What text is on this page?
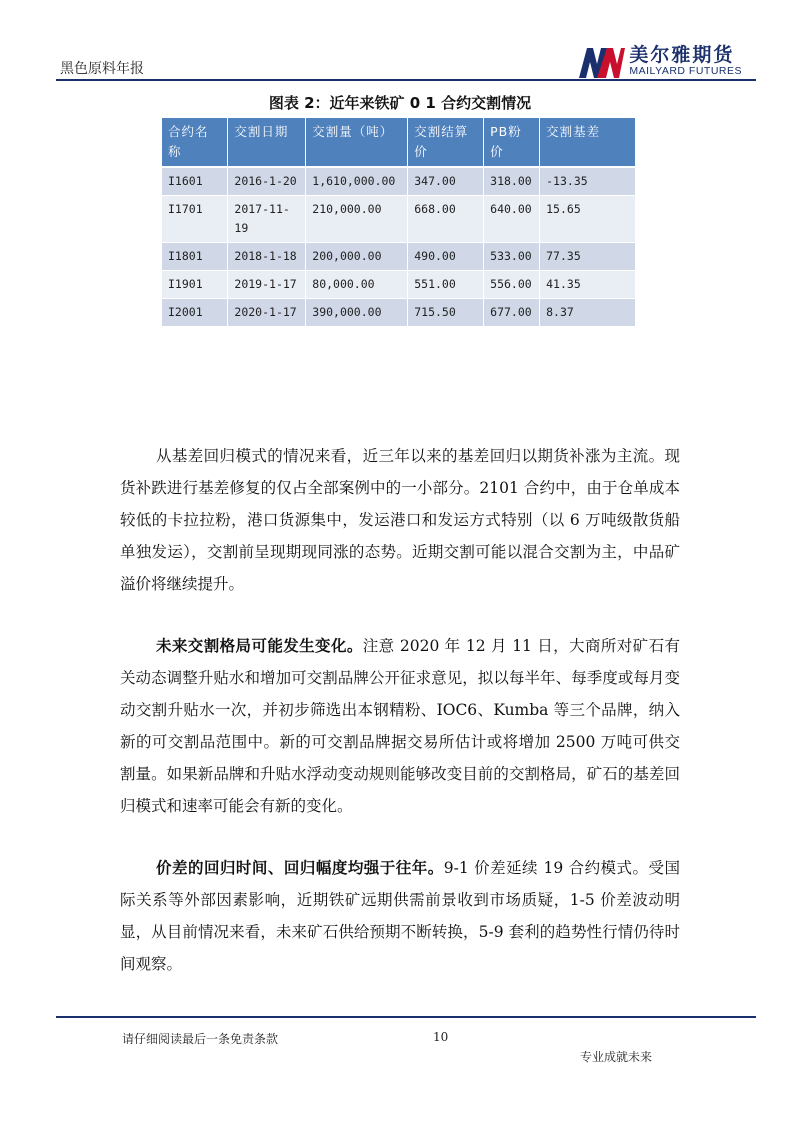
黑色原料年报
美尔雅期货
MAILYARD FUTURES
图表 2：近年来铁矿 0 1 合约交割情况
合约名称	交割日期	交割量（吨）	交割结算价	PB粉价	交割基差
I1601	2016-1-20	1,610,000.00	347.00	318.00	-13.35
I1701	2017-11-19	210,000.00	668.00	640.00	15.65
I1801	2018-1-18	200,000.00	490.00	533.00	77.35
I1901	2019-1-17	80,000.00	551.00	556.00	41.35
I2001	2020-1-17	390,000.00	715.50	677.00	8.37

从基差回归模式的情况来看，近三年以来的基差回归以期货补涨为主流。现货补跌进行基差修复的仅占全部案例中的一小部分。2101 合约中，由于仓单成本较低的卡拉拉粉，港口货源集中，发运港口和发运方式特别（以 6 万吨级散货船单独发运），交割前呈现期现同涨的态势。近期交割可能以混合交割为主，中品矿溢价将继续提升。

未来交割格局可能发生变化。注意 2020 年 12 月 11 日，大商所对矿石有关动态调整升贴水和增加可交割品牌公开征求意见，拟以每半年、每季度或每月变动交割升贴水一次，并初步筛选出本钢精粉、IOC6、Kumba 等三个品牌，纳入新的可交割品范围中。新的可交割品牌据交易所估计或将增加 2500 万吨可供交割量。如果新品牌和升贴水浮动变动规则能够改变目前的交割格局，矿石的基差回归模式和速率可能会有新的变化。

价差的回归时间、回归幅度均强于往年。9-1 价差延续 19 合约模式。受国际关系等外部因素影响，近期铁矿远期供需前景收到市场质疑，1-5 价差波动明显，从目前情况来看，未来矿石供给预期不断转换，5-9 套利的趋势性行情仍待时间观察。

请仔细阅读最后一条免责条款	10
专业成就未来
